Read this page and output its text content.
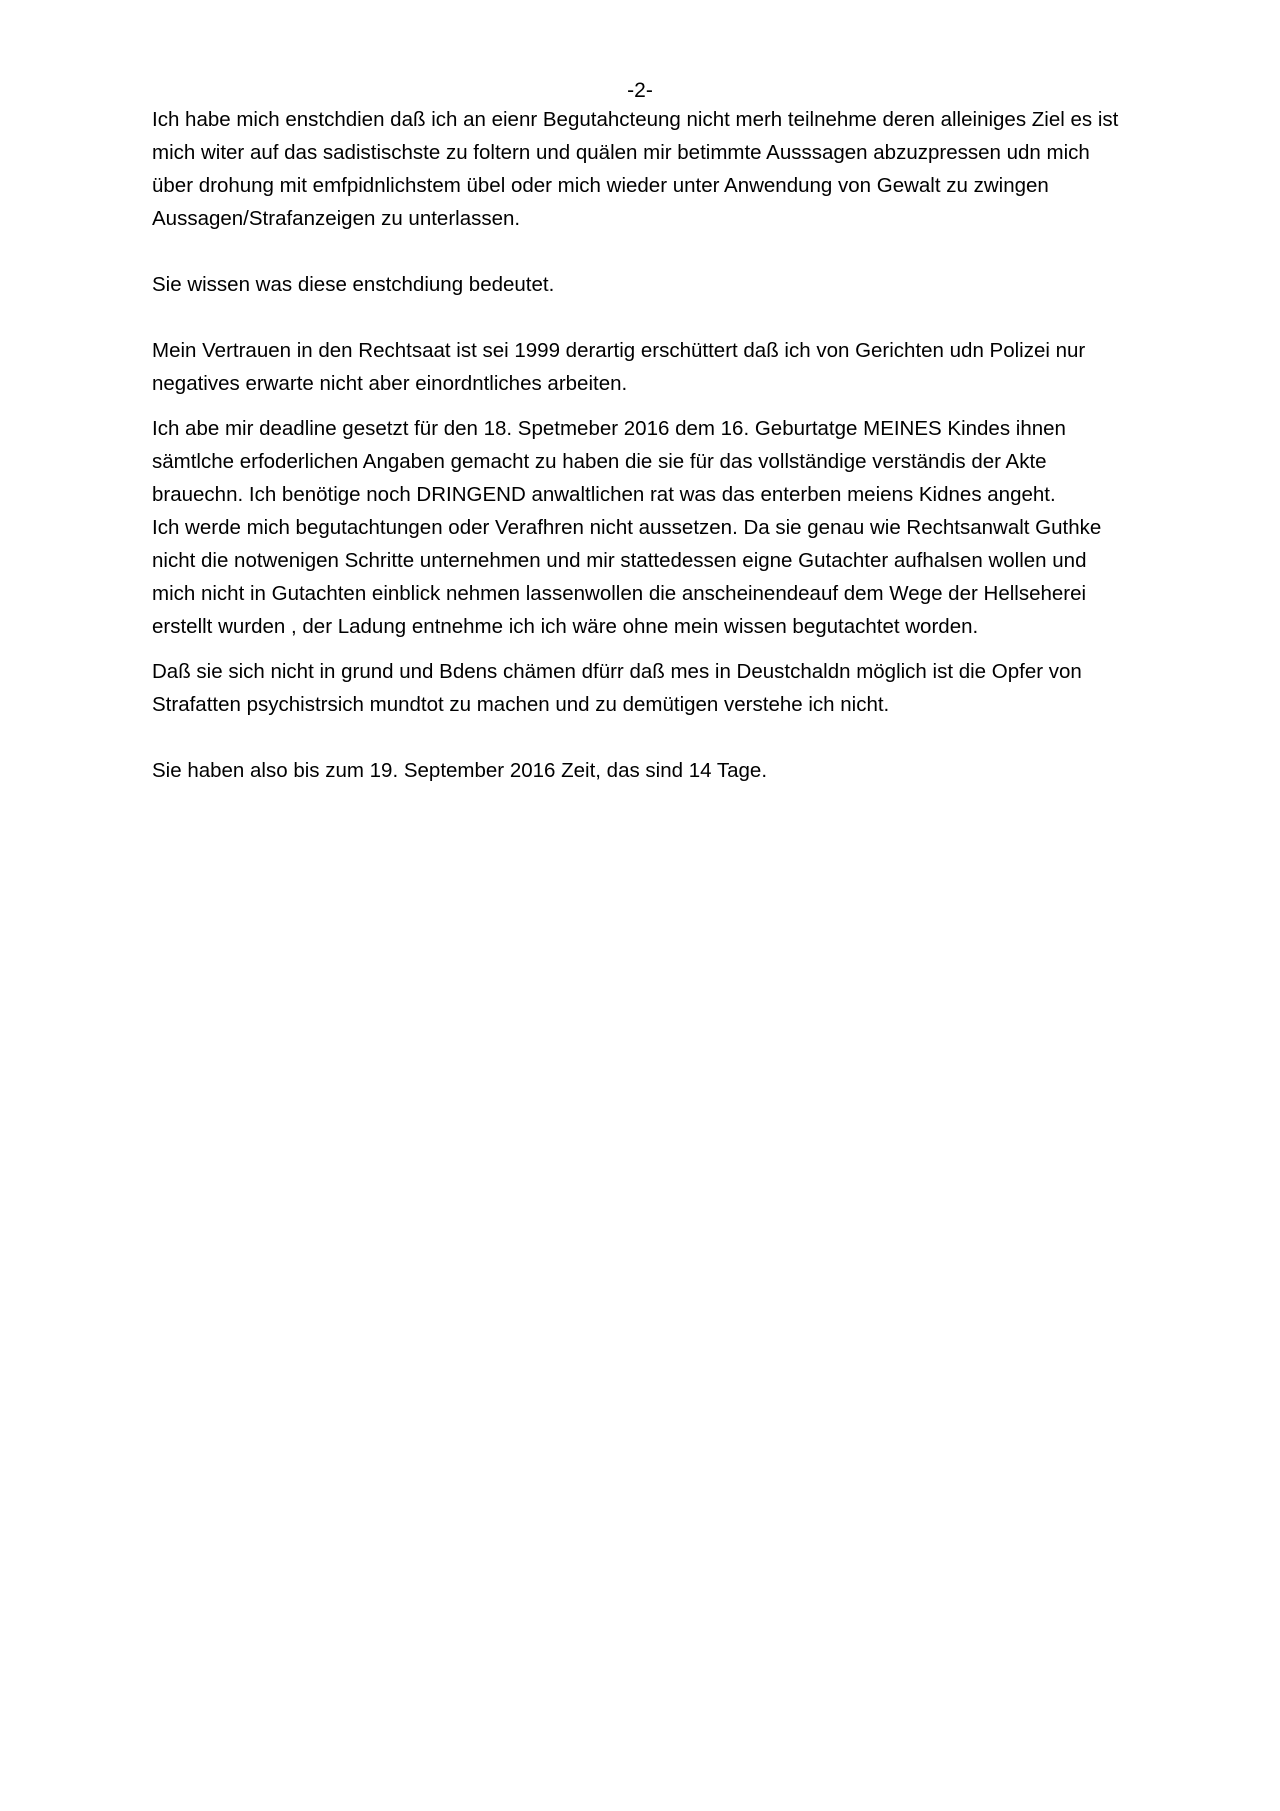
-2-

Ich habe mich enstchdien daß ich an eienr Begutahcteung nicht merh teilnehme deren alleiniges Ziel es ist
mich witer auf das sadistischste zu foltern und quälen mir betimmte Ausssagen abzuzpressen udn mich
über drohung mit emfpidnlichstem übel oder mich wieder unter Anwendung von Gewalt zu zwingen
Aussagen/Strafanzeigen zu unterlassen.

Sie wissen was diese enstchdiung bedeutet.

Mein Vertrauen in den Rechtsaat ist sei 1999 derartig erschüttert daß ich von Gerichten udn Polizei nur
negatives erwarte nicht aber einordntliches arbeiten.

Ich abe mir deadline gesetzt für den 18. Spetmeber 2016 dem 16. Geburtatge MEINES Kindes ihnen
sämtlche erfoderlichen Angaben gemacht zu haben die sie für das vollständige verständis der Akte
brauechn. Ich benötige noch DRINGEND anwaltlichen rat was das enterben meiens Kidnes angeht.
Ich werde mich begutachtungen oder Verafhren nicht aussetzen. Da sie genau wie Rechtsanwalt Guthke
nicht die notwenigen Schritte unternehmen und mir stattedessen eigne Gutachter aufhalsen wollen und
mich nicht in Gutachten einblick nehmen lassenwollen die anscheinendeauf dem Wege der Hellseherei
erstellt wurden , der Ladung entnehme ich ich wäre ohne mein wissen begutachtet worden.

Daß sie sich nicht in grund und Bdens chämen dfürr daß mes in Deustchaldn möglich ist die Opfer von
Strafatten psychistrsich mundtot zu machen und zu demütigen verstehe ich nicht.

Sie haben also bis zum 19. September 2016 Zeit, das sind 14 Tage.
